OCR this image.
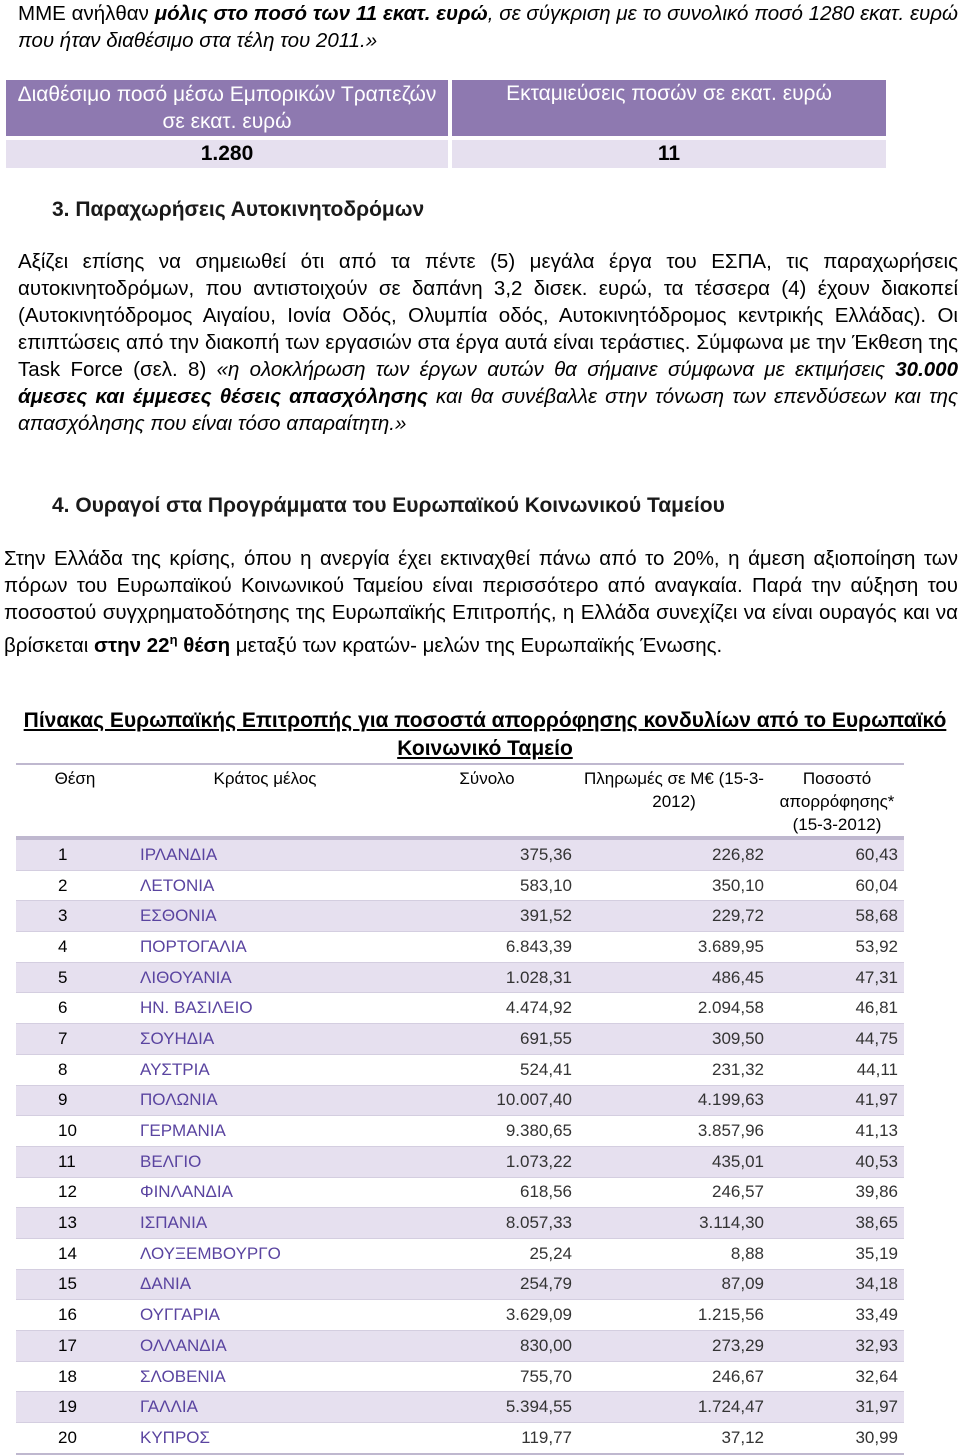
ΜΜΕ ανήλθαν μόλις στο ποσό των 11 εκατ. ευρώ, σε σύγκριση με το συνολικό ποσό 1280 εκατ. ευρώ που ήταν διαθέσιμο στα τέλη του 2011.»

Διαθέσιμο ποσό μέσω Εμπορικών Τραπεζών σε εκατ. ευρώ		Εκταμιεύσεις ποσών σε εκατ. ευρώ

1.280		11
3. Παραχωρήσεις Αυτοκινητοδρόμων

Αξίζει επίσης να σημειωθεί ότι από τα πέντε (5) μεγάλα έργα του ΕΣΠΑ, τις παραχωρήσεις αυτοκινητοδρόμων, που αντιστοιχούν σε δαπάνη 3,2 δισεκ. ευρώ, τα τέσσερα (4) έχουν διακοπεί (Αυτοκινητόδρομος Αιγαίου, Ιονία Οδός, Ολυμπία οδός, Αυτοκινητόδρομος κεντρικής Ελλάδας). Οι επιπτώσεις από την διακοπή των εργασιών στα έργα αυτά είναι τεράστιες. Σύμφωνα με την Έκθεση της Task Force (σελ. 8) «η ολοκλήρωση των έργων αυτών θα σήμαινε σύμφωνα με εκτιμήσεις 30.000 άμεσες και έμμεσες θέσεις απασχόλησης και θα συνέβαλλε στην τόνωση των επενδύσεων και της απασχόλησης που είναι τόσο απαραίτητη.»

4. Ουραγοί στα Προγράμματα του Ευρωπαϊκού Κοινωνικού Ταμείου

Στην Ελλάδα της κρίσης, όπου η ανεργία έχει εκτιναχθεί πάνω από το 20%, η άμεση αξιοποίηση των πόρων του Ευρωπαϊκού Κοινωνικού Ταμείου είναι περισσότερο από αναγκαία. Παρά την αύξηση του ποσοστού συγχρηματοδότησης της Ευρωπαϊκής Επιτροπής, η Ελλάδα συνεχίζει να είναι ουραγός και να βρίσκεται στην $22^\eta$ θέση μεταξύ των κρατών- μελών της Ευρωπαϊκής Ένωσης.

Πίνακας Ευρωπαϊκής Επιτροπής για ποσοστά απορρόφησης κονδυλίων από το Ευρωπαϊκό Κοινωνικό Ταμείο
Θέση	Κράτος μέλος	Σύνολο	Πληρωμές σε Μ€ (15-3-2012)	Ποσοστό απορρόφησης* (15-3-2012)
1	ΙΡΛΑΝΔΙΑ	375,36	226,82	60,43
2	ΛΕΤΟΝΙΑ	583,10	350,10	60,04
3	ΕΣΘΟΝΙΑ	391,52	229,72	58,68
4	ΠΟΡΤΟΓΑΛΙΑ	6.843,39	3.689,95	53,92
5	ΛΙΘΟΥΑΝΙΑ	1.028,31	486,45	47,31
6	ΗΝ. ΒΑΣΙΛΕΙΟ	4.474,92	2.094,58	46,81
7	ΣΟΥΗΔΙΑ	691,55	309,50	44,75
8	ΑΥΣΤΡΙΑ	524,41	231,32	44,11
9	ΠΟΛΩΝΙΑ	10.007,40	4.199,63	41,97
10	ΓΕΡΜΑΝΙΑ	9.380,65	3.857,96	41,13
11	ΒΕΛΓΙΟ	1.073,22	435,01	40,53
12	ΦΙΝΛΑΝΔΙΑ	618,56	246,57	39,86
13	ΙΣΠΑΝΙΑ	8.057,33	3.114,30	38,65
14	ΛΟΥΞΕΜΒΟΥΡΓΟ	25,24	8,88	35,19
15	ΔΑΝΙΑ	254,79	87,09	34,18
16	ΟΥΓΓΑΡΙΑ	3.629,09	1.215,56	33,49
17	ΟΛΛΑΝΔΙΑ	830,00	273,29	32,93
18	ΣΛΟΒΕΝΙΑ	755,70	246,67	32,64
19	ΓΑΛΛΙΑ	5.394,55	1.724,47	31,97
20	ΚΥΠΡΟΣ	119,77	37,12	30,99
